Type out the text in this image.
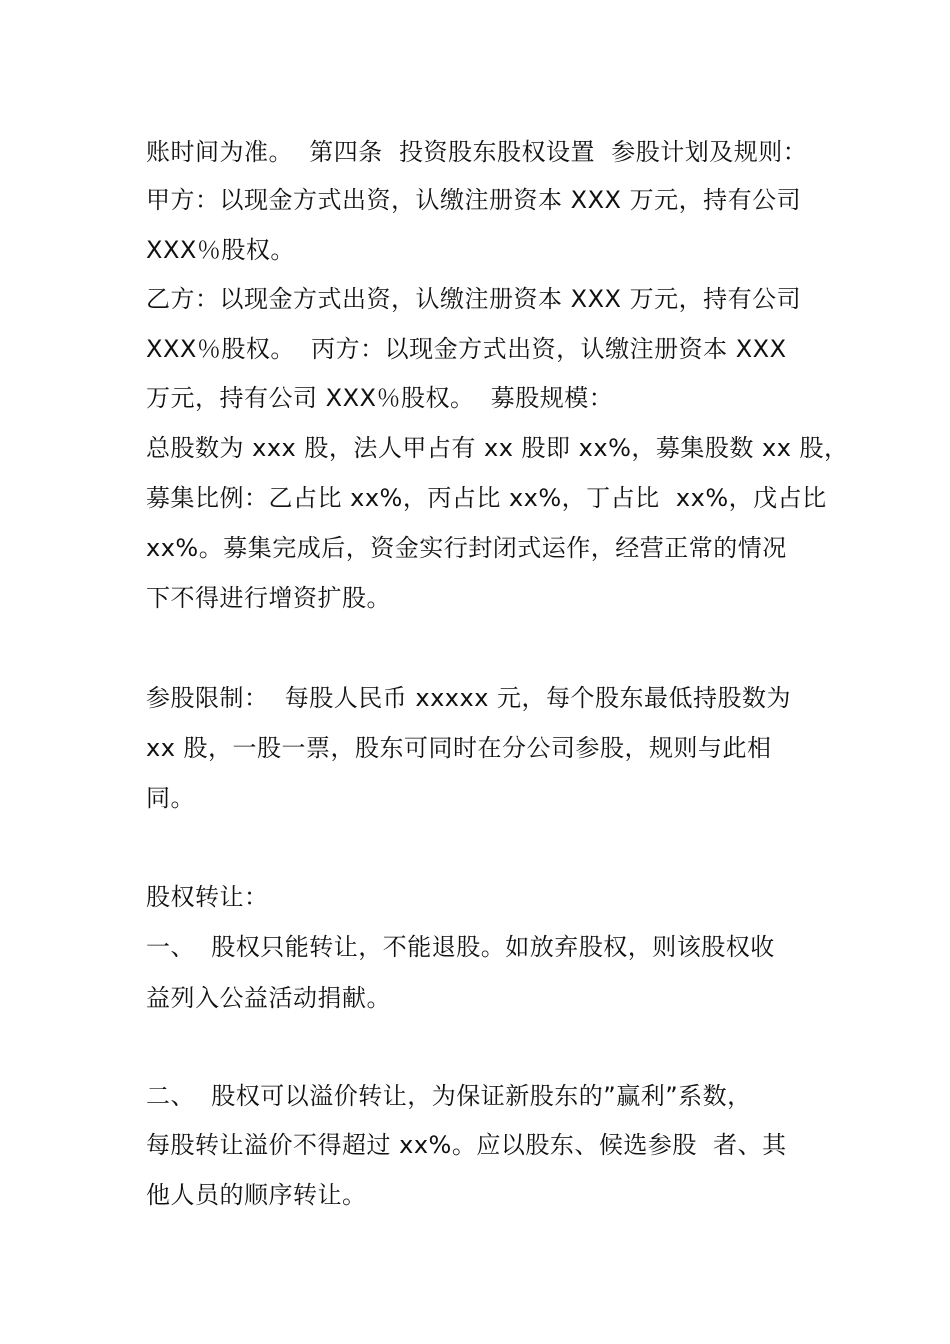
账时间为准。  第四条  投资股东股权设置  参股计划及规则：
甲方：以现金方式出资，认缴注册资本 XXX 万元，持有公司
XXX％股权。
乙方：以现金方式出资，认缴注册资本 XXX 万元，持有公司
XXX％股权。  丙方：以现金方式出资，认缴注册资本 XXX
万元，持有公司 XXX％股权。  募股规模：
总股数为 xxx 股，法人甲占有 xx 股即 xx%，募集股数 xx 股，
募集比例：乙占比 xx%，丙占比 xx%，丁占比  xx%，戊占比
xx%。募集完成后，资金实行封闭式运作，经营正常的情况
下不得进行增资扩股。
参股限制：  每股人民币 xxxxx 元，每个股东最低持股数为
xx 股，一股一票，股东可同时在分公司参股，规则与此相
同。
股权转让：
一、  股权只能转让，不能退股。如放弃股权，则该股权收
益列入公益活动捐献。
二、  股权可以溢价转让，为保证新股东的”赢利”系数，
每股转让溢价不得超过 xx%。应以股东、候选参股  者、其
他人员的顺序转让。
